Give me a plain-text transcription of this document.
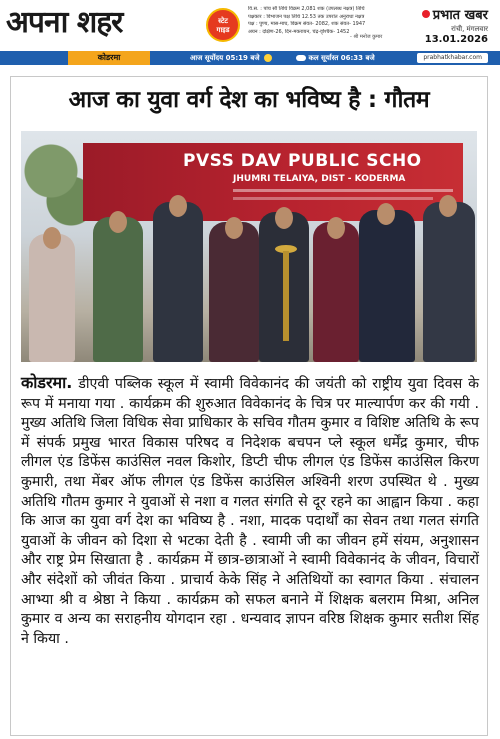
अपना शहर	स्टेट
गाइड
वि.स. : पांच सौ तिथि विक्रम 2,081 शक (उपलब्ध नक्षत्र) तिथि
पक्षकार : विभाजन पक्ष तिथि 12.53 तक उपरांत अनुराधा नक्षत्र
पक्ष : पुण्य, मास-माघ, विक्रम संवत- 2082, शक संवत- 1947
अयन : दक्षिण-26, दिन-मकरायन, चंद्र-वृश्चिक- 1452
- श्री मनोज कुमार
प्रभात खबर
रांची, मंगलवार
13.01.2026
कोडरमा	आज सूर्योदय 05:19 बजे	कल सूर्यास्त 06:33 बजे	prabhatkhabar.com
आज का युवा वर्ग देश का भविष्य है : गौतम
PVSS DAV PUBLIC SCHO
JHUMRI TELAIYA, DIST - KODERMA
कोडरमा. डीएवी पब्लिक स्कूल में स्वामी विवेकानंद की जयंती को राष्ट्रीय युवा दिवस के रूप में मनाया गया . कार्यक्रम की शुरुआत विवेकानंद के चित्र पर माल्यार्पण कर की गयी . मुख्य अतिथि जिला विधिक सेवा प्राधिकार के सचिव गौतम कुमार व विशिष्ट अतिथि के रूप में संपर्क प्रमुख भारत विकास परिषद व निदेशक बचपन प्ले स्कूल धर्मेंद्र कुमार, चीफ लीगल एंड डिफेंस काउंसिल नवल किशोर, डिप्टी चीफ लीगल एंड डिफेंस काउंसिल किरण कुमारी, तथा मेंबर ऑफ लीगल एंड डिफेंस काउंसिल अश्विनी शरण उपस्थित थे . मुख्य अतिथि गौतम कुमार ने युवाओं से नशा व गलत संगति से दूर रहने का आह्वान किया . कहा कि आज का युवा वर्ग देश का भविष्य है . नशा, मादक पदार्थों का सेवन तथा गलत संगति युवाओं के जीवन को दिशा से भटका देती है . स्वामी जी का जीवन हमें संयम, अनुशासन और राष्ट्र प्रेम सिखाता है . कार्यक्रम में छात्र-छात्राओं ने स्वामी विवेकानंद के जीवन, विचारों और संदेशों को जीवंत किया . प्राचार्य केके सिंह ने अतिथियों का स्वागत किया . संचालन आभ्या श्री व श्रेष्ठा ने किया . कार्यक्रम को सफल बनाने में शिक्षक बलराम मिश्रा, अनिल कुमार व अन्य का सराहनीय योगदान रहा . धन्यवाद ज्ञापन वरिष्ठ शिक्षक कुमार सतीश सिंह ने किया .
